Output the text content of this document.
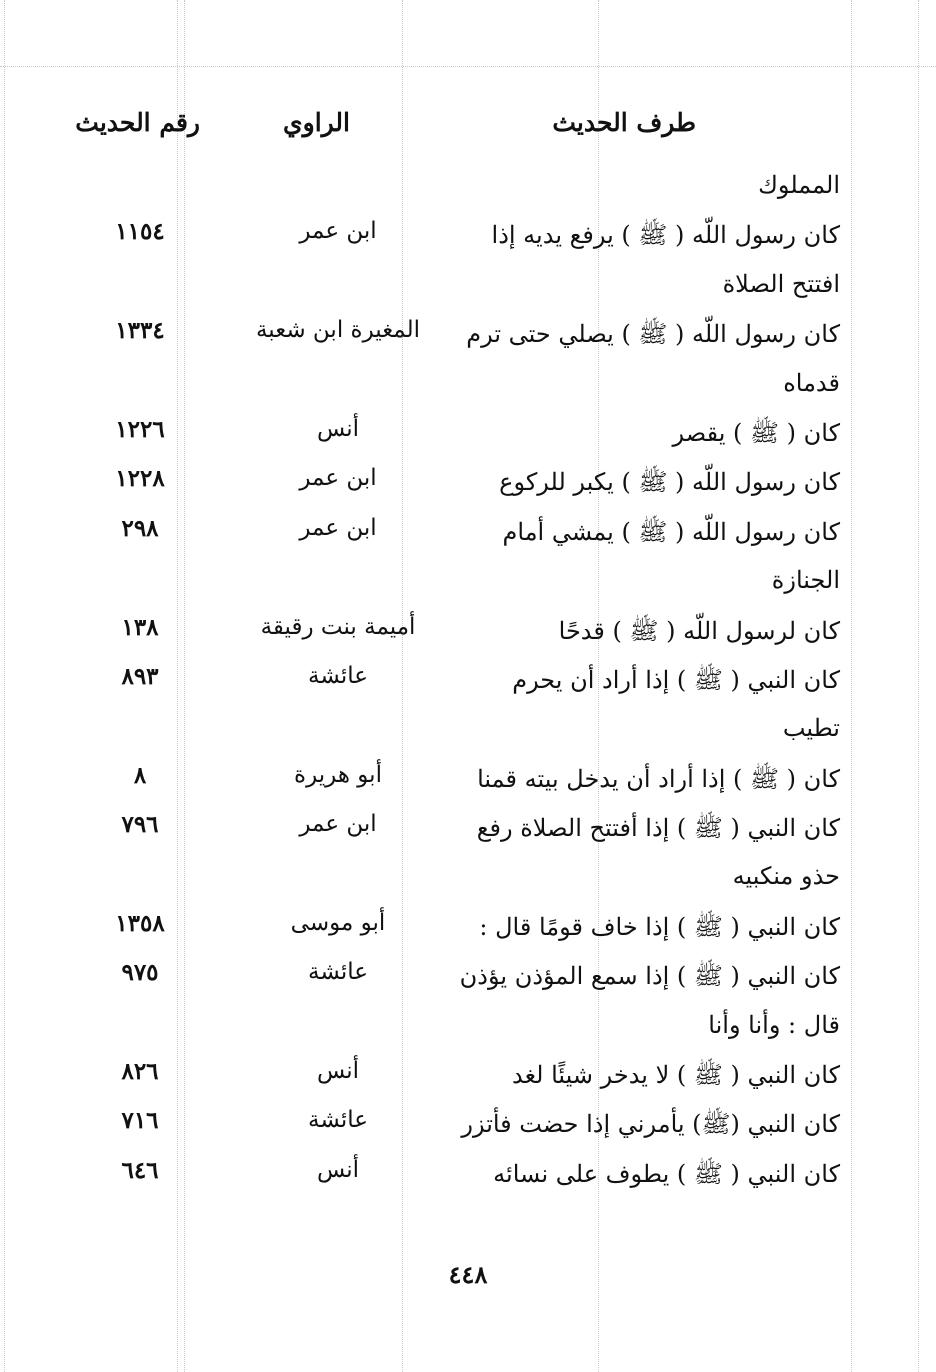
طرف الحديث
الراوي
رقم الحديث
المملوك
كان رسول اللّه ( ﷺ ) يرفع يديه إذا
ابن عمر
١١٥٤
افتتح الصلاة
كان رسول اللّه ( ﷺ ) يصلي حتى ترم
المغيرة ابن شعبة
١٣٣٤
قدماه
كان ( ﷺ ) يقصر
أنس
١٢٢٦
كان رسول اللّه ( ﷺ ) يكبر للركوع
ابن عمر
١٢٢٨
كان رسول اللّه ( ﷺ ) يمشي أمام
ابن عمر
٢٩٨
الجنازة
كان لرسول اللّه ( ﷺ ) قدحًا
أميمة بنت رقيقة
١٣٨
كان النبي ( ﷺ ) إذا أراد أن يحرم
عائشة
٨٩٣
تطيب
كان ( ﷺ ) إذا أراد أن يدخل بيته قمنا
أبو هريرة
٨
كان النبي ( ﷺ ) إذا أفتتح الصلاة رفع
ابن عمر
٧٩٦
حذو منكبيه
كان النبي ( ﷺ ) إذا خاف قومًا قال :
أبو موسى
١٣٥٨
كان النبي ( ﷺ ) إذا سمع المؤذن يؤذن
عائشة
٩٧٥
قال : وأنا وأنا
كان النبي ( ﷺ ) لا يدخر شيئًا لغد
أنس
٨٢٦
كان النبي (ﷺ) يأمرني إذا حضت فأتزر
عائشة
٧١٦
كان النبي ( ﷺ ) يطوف على نسائه
أنس
٦٤٦
٤٤٨
